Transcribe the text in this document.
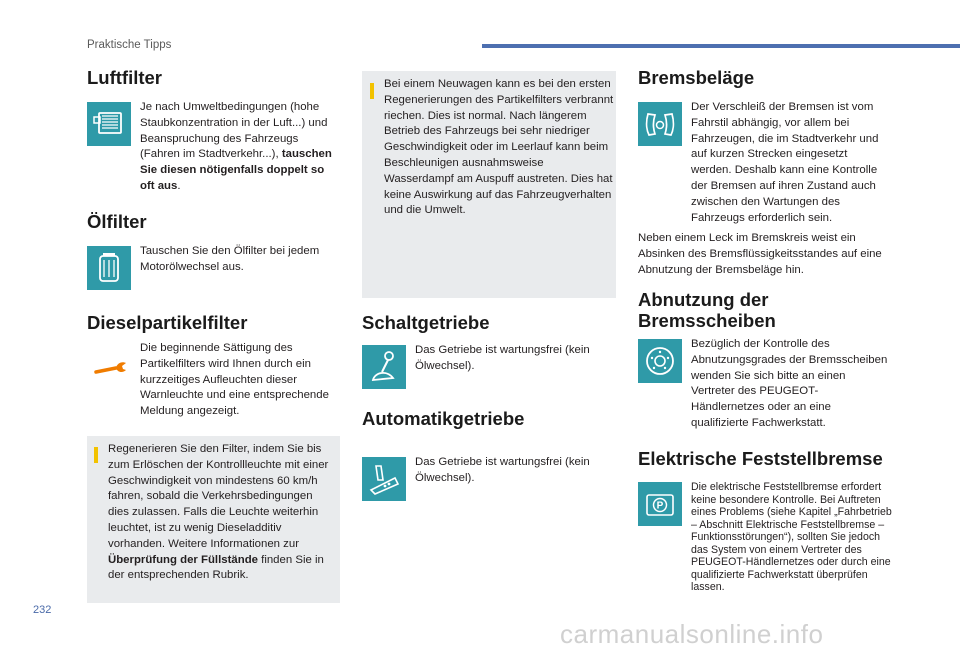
Praktische Tipps
Luftfilter
Je nach Umweltbedingungen (hohe Staubkonzentration in der Luft...) und Beanspruchung des Fahrzeugs (Fahren im Stadtverkehr...), tauschen Sie diesen nötigenfalls doppelt so oft aus.
Ölfilter
Tauschen Sie den Ölfilter bei jedem Motorölwechsel aus.
Dieselpartikelfilter
Die beginnende Sättigung des Partikelfilters wird Ihnen durch ein kurzzeitiges Aufleuchten dieser Warnleuchte und eine entsprechende Meldung angezeigt.
Regenerieren Sie den Filter, indem Sie bis zum Erlöschen der Kontrollleuchte mit einer Geschwindigkeit von mindestens 60 km/h fahren, sobald die Verkehrsbedingungen dies zulassen. Falls die Leuchte weiterhin leuchtet, ist zu wenig Dieseladditiv vorhanden. Weitere Informationen zur Überprüfung der Füllstände finden Sie in der entsprechenden Rubrik.
Bei einem Neuwagen kann es bei den ersten Regenerierungen des Partikelfilters verbrannt riechen. Dies ist normal. Nach längerem Betrieb des Fahrzeugs bei sehr niedriger Geschwindigkeit oder im Leerlauf kann beim Beschleunigen ausnahmsweise Wasserdampf am Auspuff austreten. Dies hat keine Auswirkung auf das Fahrzeugverhalten und die Umwelt.
Schaltgetriebe
Das Getriebe ist wartungsfrei (kein Ölwechsel).
Automatikgetriebe
Das Getriebe ist wartungsfrei (kein Ölwechsel).
Bremsbeläge
Der Verschleiß der Bremsen ist vom Fahrstil abhängig, vor allem bei Fahrzeugen, die im Stadtverkehr und auf kurzen Strecken eingesetzt werden. Deshalb kann eine Kontrolle der Bremsen auf ihren Zustand auch zwischen den Wartungen des Fahrzeugs erforderlich sein.
Neben einem Leck im Bremskreis weist ein Absinken des Bremsflüssigkeitsstandes auf eine Abnutzung der Bremsbeläge hin.
Abnutzung der
Bremsscheiben
Bezüglich der Kontrolle des Abnutzungsgrades der Bremsscheiben wenden Sie sich bitte an einen Vertreter des PEUGEOT-Händlernetzes oder an eine qualifizierte Fachwerkstatt.
Elektrische Feststellbremse
P
Die elektrische Feststellbremse erfordert keine besondere Kontrolle. Bei Auftreten eines Problems (siehe Kapitel „Fahrbetrieb – Abschnitt Elektrische Feststellbremse – Funktionsstörungen“), sollten Sie jedoch das System von einem Vertreter des PEUGEOT-Händlernetzes oder durch eine qualifizierte Fachwerkstatt überprüfen lassen.
232
carmanualsonline.info
